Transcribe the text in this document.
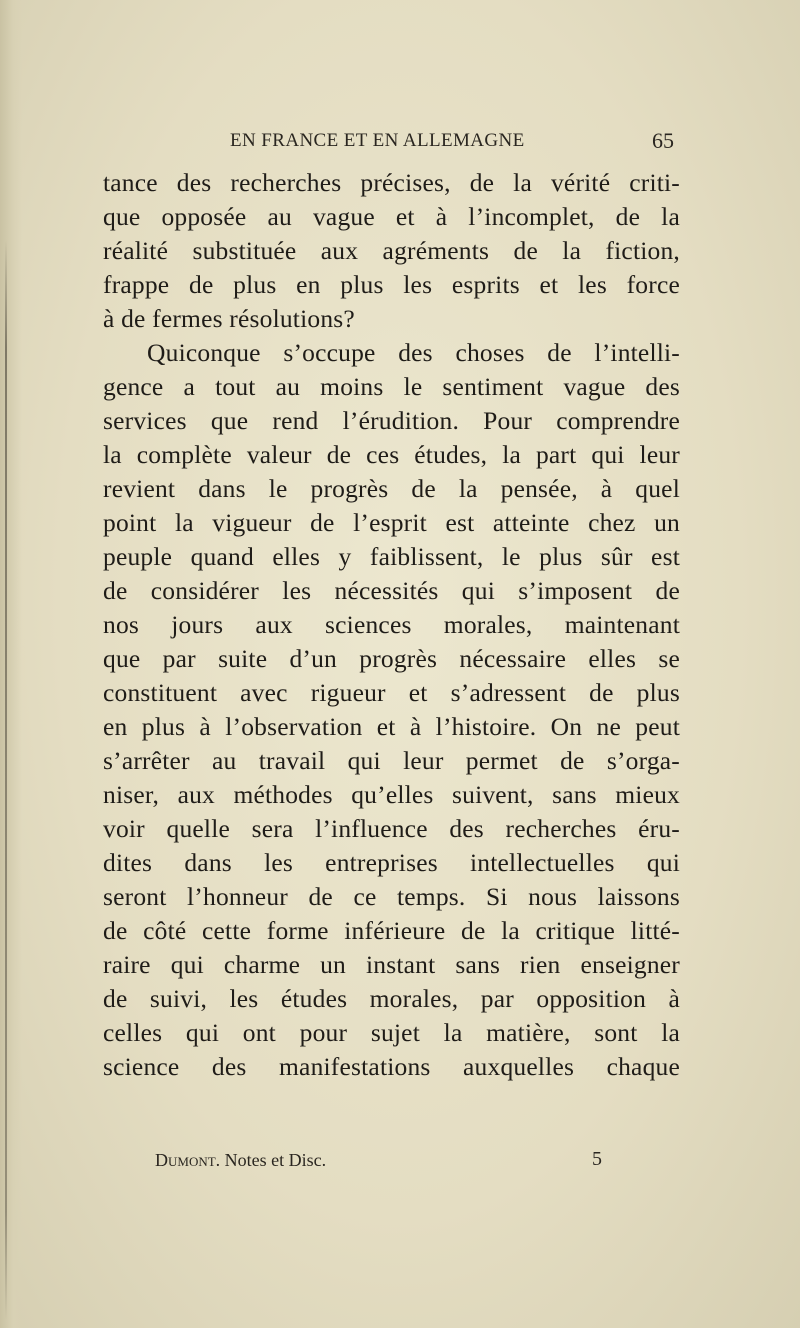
EN FRANCE ET EN ALLEMAGNE	65
tance des recherches précises, de la vérité criti-
que opposée au vague et à l’incomplet, de la
réalité substituée aux agréments de la fiction,
frappe de plus en plus les esprits et les force
à de fermes résolutions?
Quiconque s’occupe des choses de l’intelli-
gence a tout au moins le sentiment vague des
services que rend l’érudition. Pour comprendre
la complète valeur de ces études, la part qui leur
revient dans le progrès de la pensée, à quel
point la vigueur de l’esprit est atteinte chez un
peuple quand elles y faiblissent, le plus sûr est
de considérer les nécessités qui s’imposent de
nos jours aux sciences morales, maintenant
que par suite d’un progrès nécessaire elles se
constituent avec rigueur et s’adressent de plus
en plus à l’observation et à l’histoire. On ne peut
s’arrêter au travail qui leur permet de s’orga-
niser, aux méthodes qu’elles suivent, sans mieux
voir quelle sera l’influence des recherches éru-
dites dans les entreprises intellectuelles qui
seront l’honneur de ce temps. Si nous laissons
de côté cette forme inférieure de la critique litté-
raire qui charme un instant sans rien enseigner
de suivi, les études morales, par opposition à
celles qui ont pour sujet la matière, sont la
science des manifestations auxquelles chaque
Dumont. Notes et Disc.	5
